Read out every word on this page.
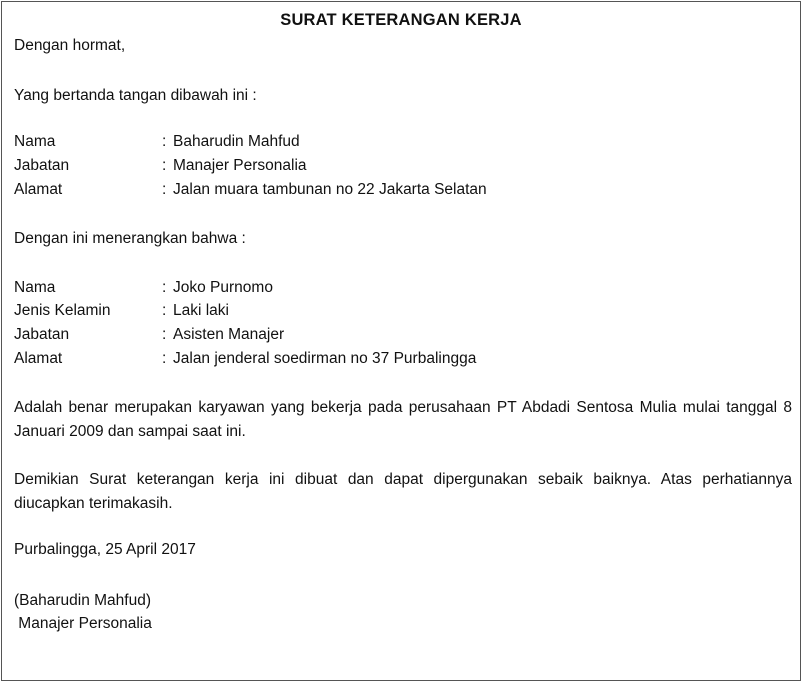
SURAT KETERANGAN KERJA
Dengan hormat,
Yang bertanda tangan dibawah ini :
Nama	: Baharudin Mahfud
Jabatan	: Manajer Personalia
Alamat	: Jalan muara tambunan no 22 Jakarta Selatan
Dengan ini menerangkan bahwa :
Nama	: Joko Purnomo
Jenis Kelamin	: Laki laki
Jabatan	: Asisten Manajer
Alamat	: Jalan jenderal soedirman no 37 Purbalingga
Adalah benar merupakan karyawan yang bekerja pada perusahaan PT Abdadi Sentosa Mulia mulai tanggal 8 Januari 2009 dan sampai saat ini.
Demikian Surat keterangan kerja ini dibuat dan dapat dipergunakan sebaik baiknya. Atas perhatiannya diucapkan terimakasih.
Purbalingga, 25 April 2017
(Baharudin Mahfud)
Manajer Personalia
